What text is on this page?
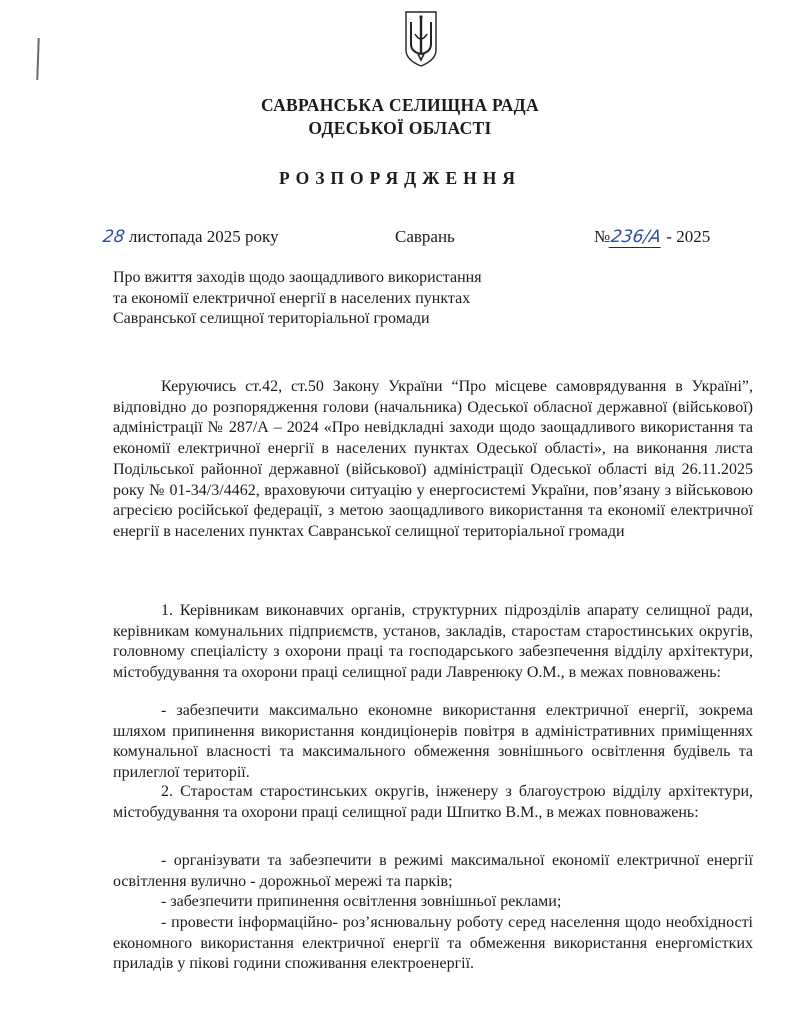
САВРАНСЬКА СЕЛИЩНА РАДА
ОДЕСЬКОЇ ОБЛАСТІ
РОЗПОРЯДЖЕННЯ
28 листопада 2025 року	Саврань	№236/А - 2025
Про вжиття заходів щодо заощадливого використання та економії електричної енергії в населених пунктах Савранської селищної територіальної громади
Керуючись ст.42, ст.50 Закону України “Про місцеве самоврядування в Україні”, відповідно до розпорядження голови (начальника) Одеської обласної державної (військової) адміністрації № 287/А – 2024 «Про невідкладні заходи щодо заощадливого використання та економії електричної енергії в населених пунктах Одеської області», на виконання листа Подільської районної державної (військової) адміністрації Одеської області від 26.11.2025 року № 01-34/3/4462, враховуючи ситуацію у енергосистемі України, пов’язану з військовою агресією російської федерації, з метою заощадливого використання та економії електричної енергії в населених пунктах Савранської селищної територіальної громади
1. Керівникам виконавчих органів, структурних підрозділів апарату селищної ради, керівникам комунальних підприємств, установ, закладів, старостам старостинських округів, головному спеціалісту з охорони праці та господарського забезпечення відділу архітектури, містобудування та охорони праці селищної ради Лавренюку О.М., в межах повноважень:
- забезпечити максимально економне використання електричної енергії, зокрема шляхом припинення використання кондиціонерів повітря в адміністративних приміщеннях комунальної власності та максимального обмеження зовнішнього освітлення будівель та прилеглої території.
2. Старостам старостинських округів, інженеру з благоустрою відділу архітектури, містобудування та охорони праці селищної ради Шпитко В.М., в межах повноважень:
- організувати та забезпечити в режимі максимальної економії електричної енергії освітлення вулично - дорожньої мережі та парків;
- забезпечити припинення освітлення зовнішньої реклами;
- провести інформаційно- роз’яснювальну роботу серед населення щодо необхідності економного використання електричної енергії та обмеження використання енергомістких приладів у пікові години споживання електроенергії.
